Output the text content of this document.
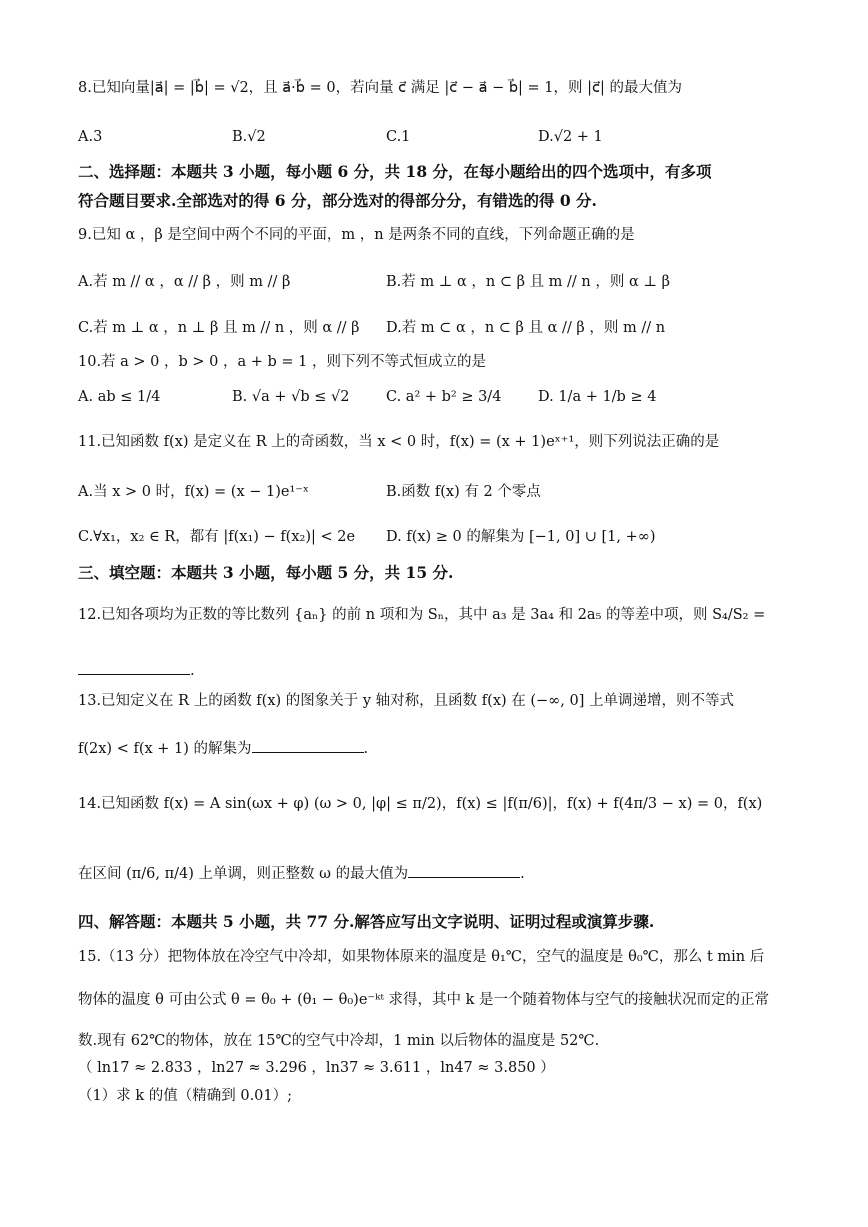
8.已知向量|a⃗| = |b⃗| = √2，且 a⃗·b⃗ = 0，若向量 c⃗ 满足 |c⃗ − a⃗ − b⃗| = 1，则 |c⃗| 的最大值为
A.3	B.√2	C.1	D.√2 + 1
二、选择题：本题共 3 小题，每小题 6 分，共 18 分，在每小题给出的四个选项中，有多项
符合题目要求.全部选对的得 6 分，部分选对的得部分分，有错选的得 0 分.
9.已知 α ，β 是空间中两个不同的平面，m ，n 是两条不同的直线，下列命题正确的是
A.若 m // α ，α // β ，则 m // β	B.若 m ⊥ α ，n ⊂ β 且 m // n ，则 α ⊥ β
C.若 m ⊥ α ，n ⊥ β 且 m // n ，则 α // β D.若 m ⊂ α ，n ⊂ β 且 α // β ，则 m // n
10.若 a > 0 ，b > 0 ，a + b = 1 ，则下列不等式恒成立的是
A. ab ≤ 1/4	B. √a + √b ≤ √2	C. a² + b² ≥ 3/4	D. 1/a + 1/b ≥ 4
11.已知函数 f(x) 是定义在 R 上的奇函数，当 x < 0 时，f(x) = (x + 1)eˣ⁺¹，则下列说法正确的是
A.当 x > 0 时，f(x) = (x − 1)e¹⁻ˣ	B.函数 f(x) 有 2 个零点
C.∀x₁，x₂ ∈ R，都有 |f(x₁) − f(x₂)| < 2e D. f(x) ≥ 0 的解集为 [−1, 0] ∪ [1, +∞)
三、填空题：本题共 3 小题，每小题 5 分，共 15 分.
12.已知各项均为正数的等比数列 {aₙ} 的前 n 项和为 Sₙ，其中 a₃ 是 3a₄ 和 2a₅ 的等差中项，则 S₄/S₂ =
.
13.已知定义在 R 上的函数 f(x) 的图象关于 y 轴对称，且函数 f(x) 在 (−∞, 0] 上单调递增，则不等式
f(2x) < f(x + 1) 的解集为	.
14.已知函数 f(x) = A sin(ωx + φ) (ω > 0, |φ| ≤ π/2)，f(x) ≤ |f(π/6)|，f(x) + f(4π/3 − x) = 0，f(x)
在区间 (π/6, π/4) 上单调，则正整数 ω 的最大值为	.
四、解答题：本题共 5 小题，共 77 分.解答应写出文字说明、证明过程或演算步骤.
15.（13 分）把物体放在冷空气中冷却，如果物体原来的温度是 θ₁℃，空气的温度是 θ₀℃，那么 t min 后
物体的温度 θ 可由公式 θ = θ₀ + (θ₁ − θ₀)e⁻ᵏᵗ 求得，其中 k 是一个随着物体与空气的接触状况而定的正常
数.现有 62℃的物体，放在 15℃的空气中冷却，1 min 以后物体的温度是 52℃.
（ ln17 ≈ 2.833 ，ln27 ≈ 3.296 ，ln37 ≈ 3.611 ，ln47 ≈ 3.850 ）
（1）求 k 的值（精确到 0.01）;
